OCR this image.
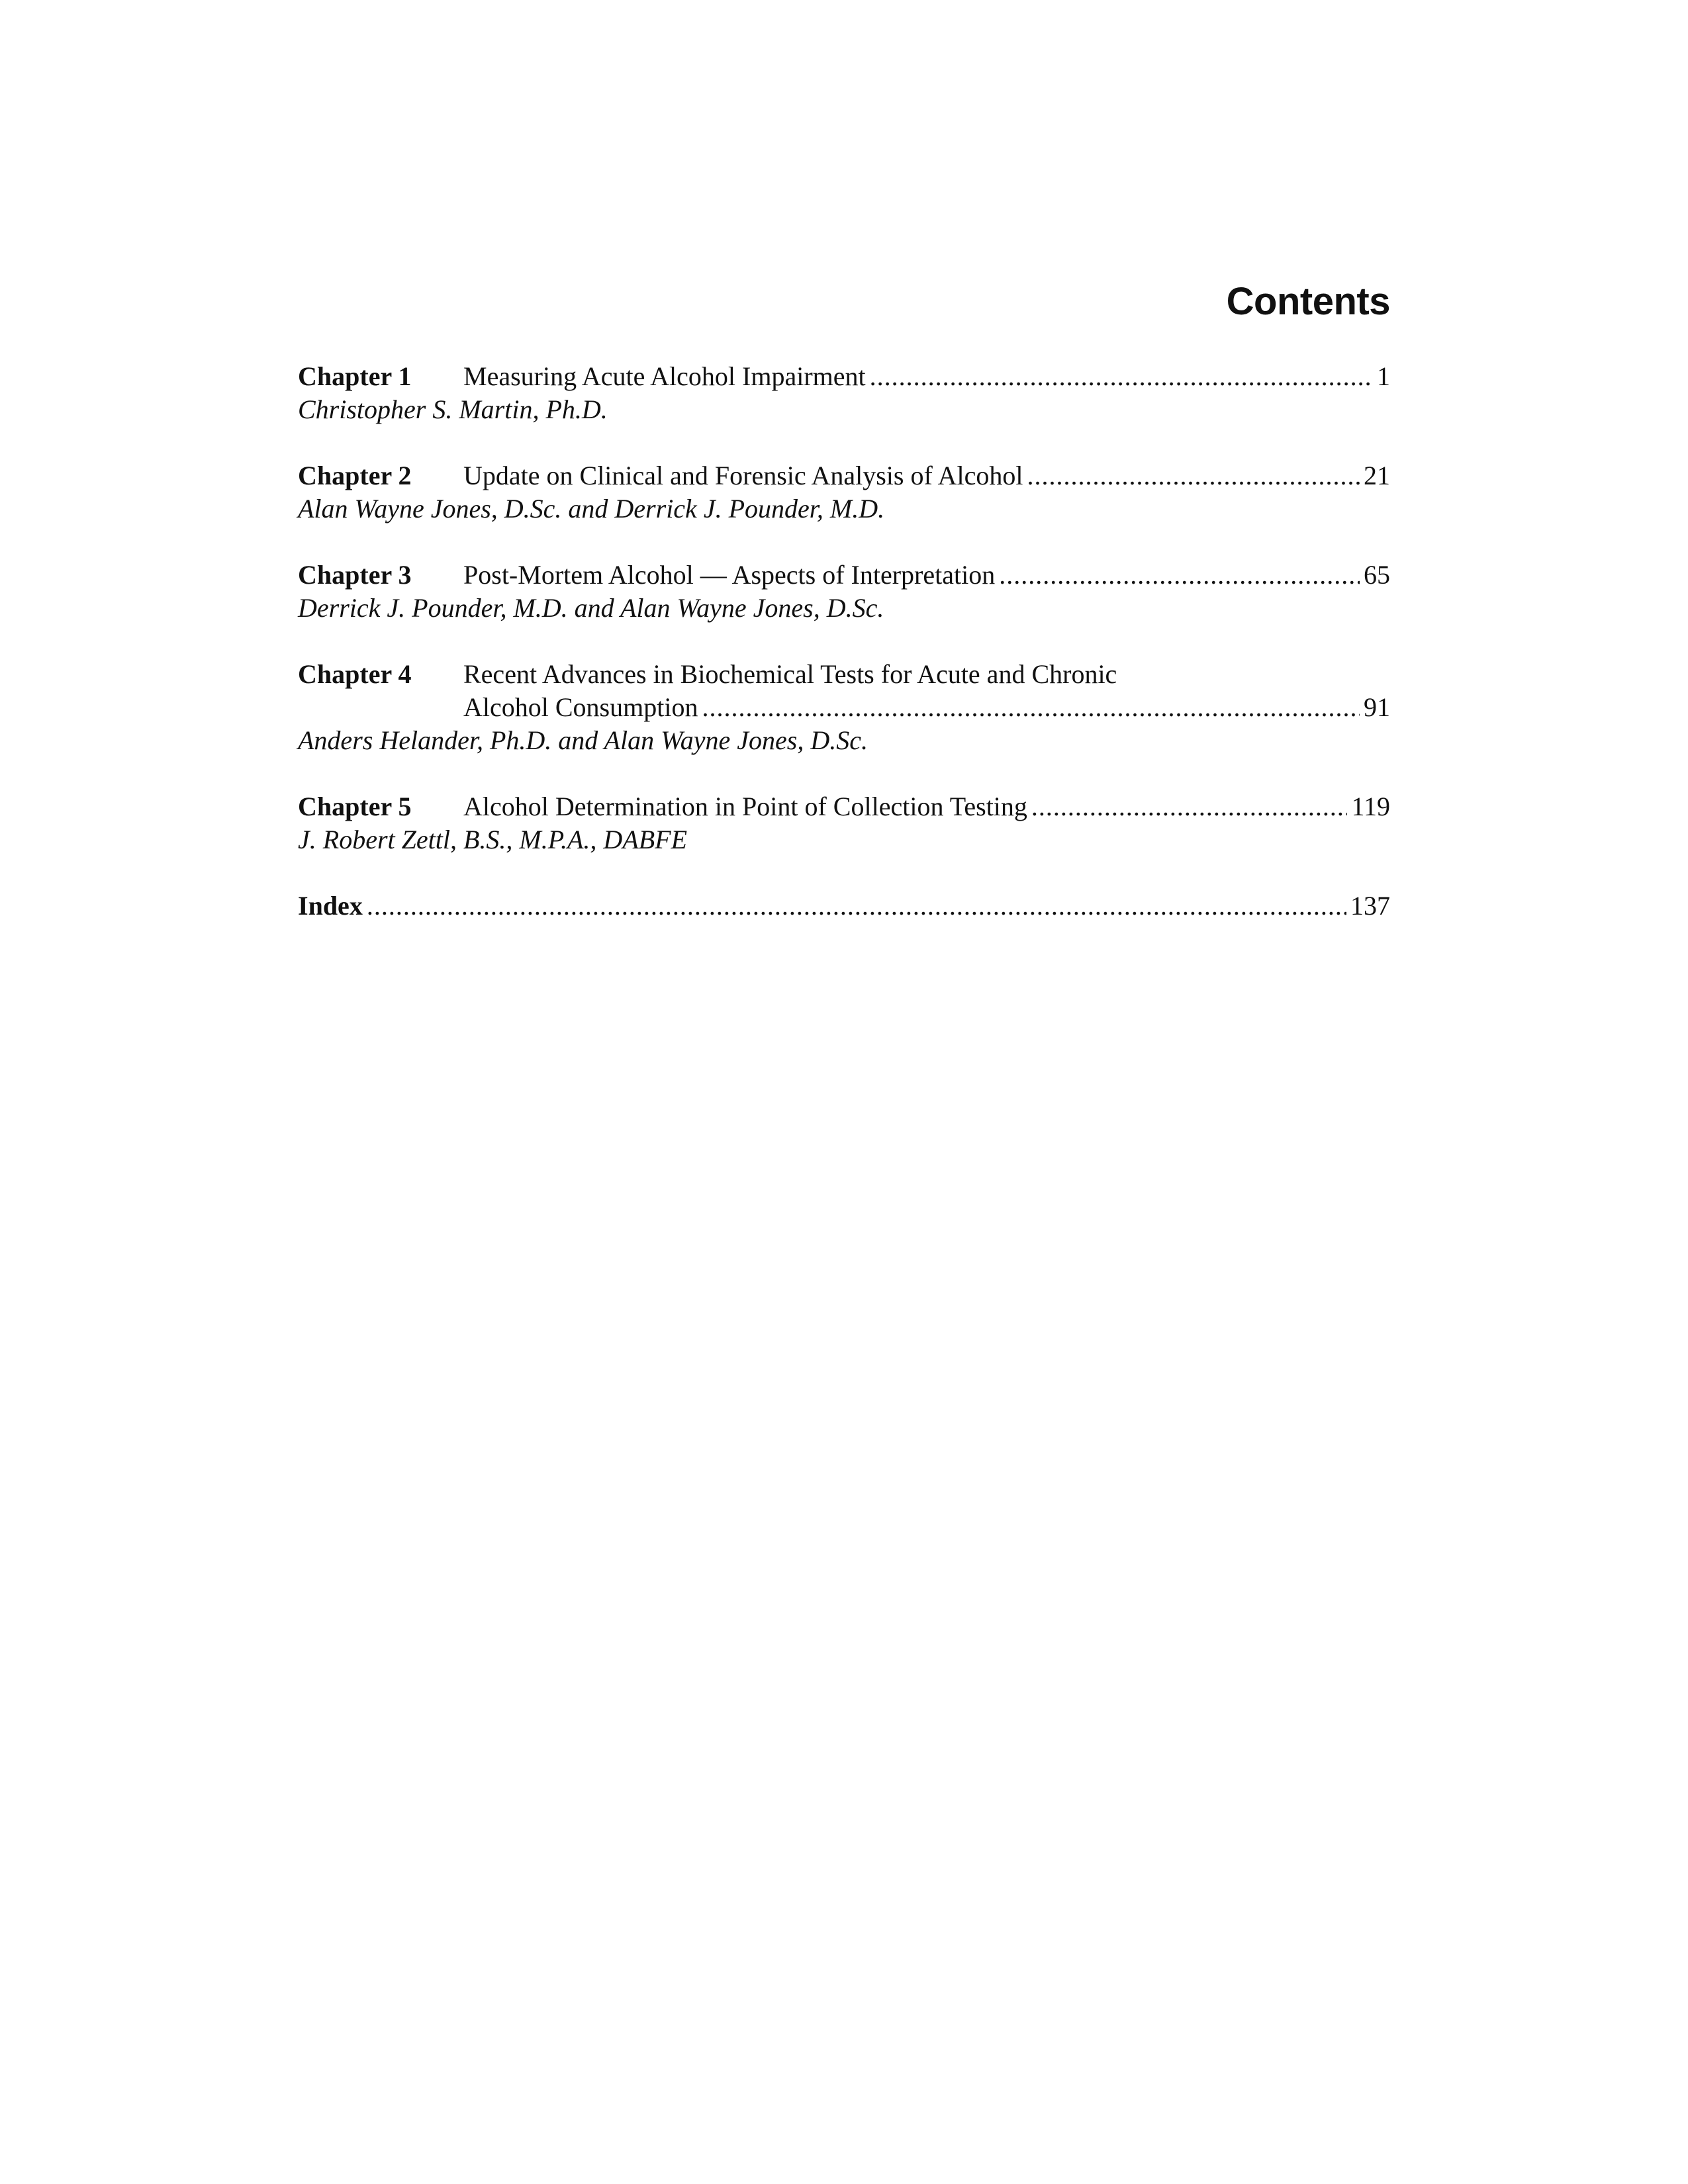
Contents
Chapter 1	Measuring Acute Alcohol Impairment .....	1
Christopher S. Martin, Ph.D.
Chapter 2	Update on Clinical and Forensic Analysis of Alcohol .....	21
Alan Wayne Jones, D.Sc. and Derrick J. Pounder, M.D.
Chapter 3	Post-Mortem Alcohol — Aspects of Interpretation .....	65
Derrick J. Pounder, M.D. and Alan Wayne Jones, D.Sc.
Chapter 4	Recent Advances in Biochemical Tests for Acute and Chronic
Alcohol Consumption .....	91
Anders Helander, Ph.D. and Alan Wayne Jones, D.Sc.
Chapter 5	Alcohol Determination in Point of Collection Testing .....	119
J. Robert Zettl, B.S., M.P.A., DABFE
Index .....	137
